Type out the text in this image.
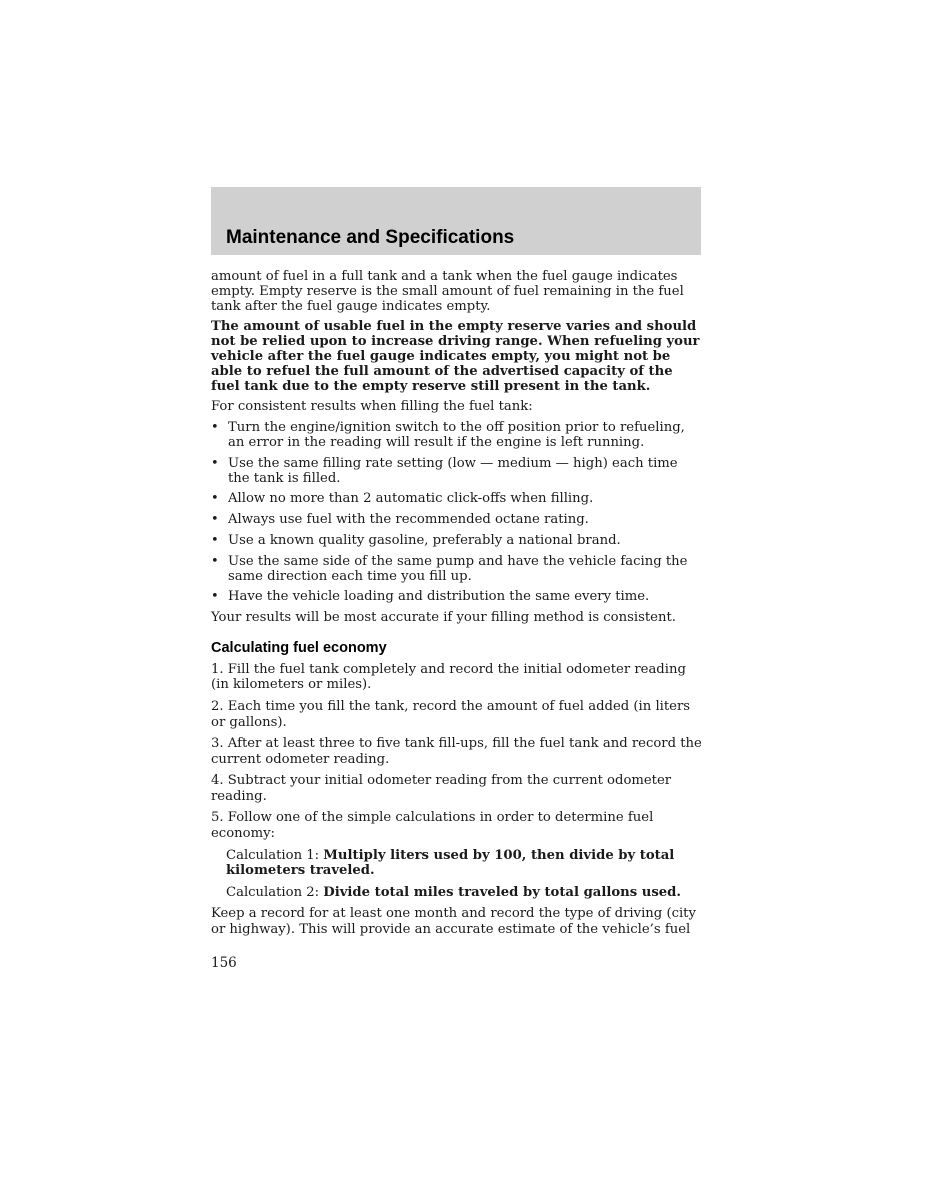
Maintenance and Specifications

amount of fuel in a full tank and a tank when the fuel gauge indicates empty. Empty reserve is the small amount of fuel remaining in the fuel tank after the fuel gauge indicates empty.

The amount of usable fuel in the empty reserve varies and should not be relied upon to increase driving range. When refueling your vehicle after the fuel gauge indicates empty, you might not be able to refuel the full amount of the advertised capacity of the fuel tank due to the empty reserve still present in the tank.

For consistent results when filling the fuel tank:

• Turn the engine/ignition switch to the off position prior to refueling, an error in the reading will result if the engine is left running.
• Use the same filling rate setting (low — medium — high) each time the tank is filled.
• Allow no more than 2 automatic click-offs when filling.
• Always use fuel with the recommended octane rating.
• Use a known quality gasoline, preferably a national brand.
• Use the same side of the same pump and have the vehicle facing the same direction each time you fill up.
• Have the vehicle loading and distribution the same every time.

Your results will be most accurate if your filling method is consistent.

Calculating fuel economy

1. Fill the fuel tank completely and record the initial odometer reading (in kilometers or miles).

2. Each time you fill the tank, record the amount of fuel added (in liters or gallons).

3. After at least three to five tank fill-ups, fill the fuel tank and record the current odometer reading.

4. Subtract your initial odometer reading from the current odometer reading.

5. Follow one of the simple calculations in order to determine fuel economy:

Calculation 1: Multiply liters used by 100, then divide by total kilometers traveled.

Calculation 2: Divide total miles traveled by total gallons used.

Keep a record for at least one month and record the type of driving (city or highway). This will provide an accurate estimate of the vehicle’s fuel

156
